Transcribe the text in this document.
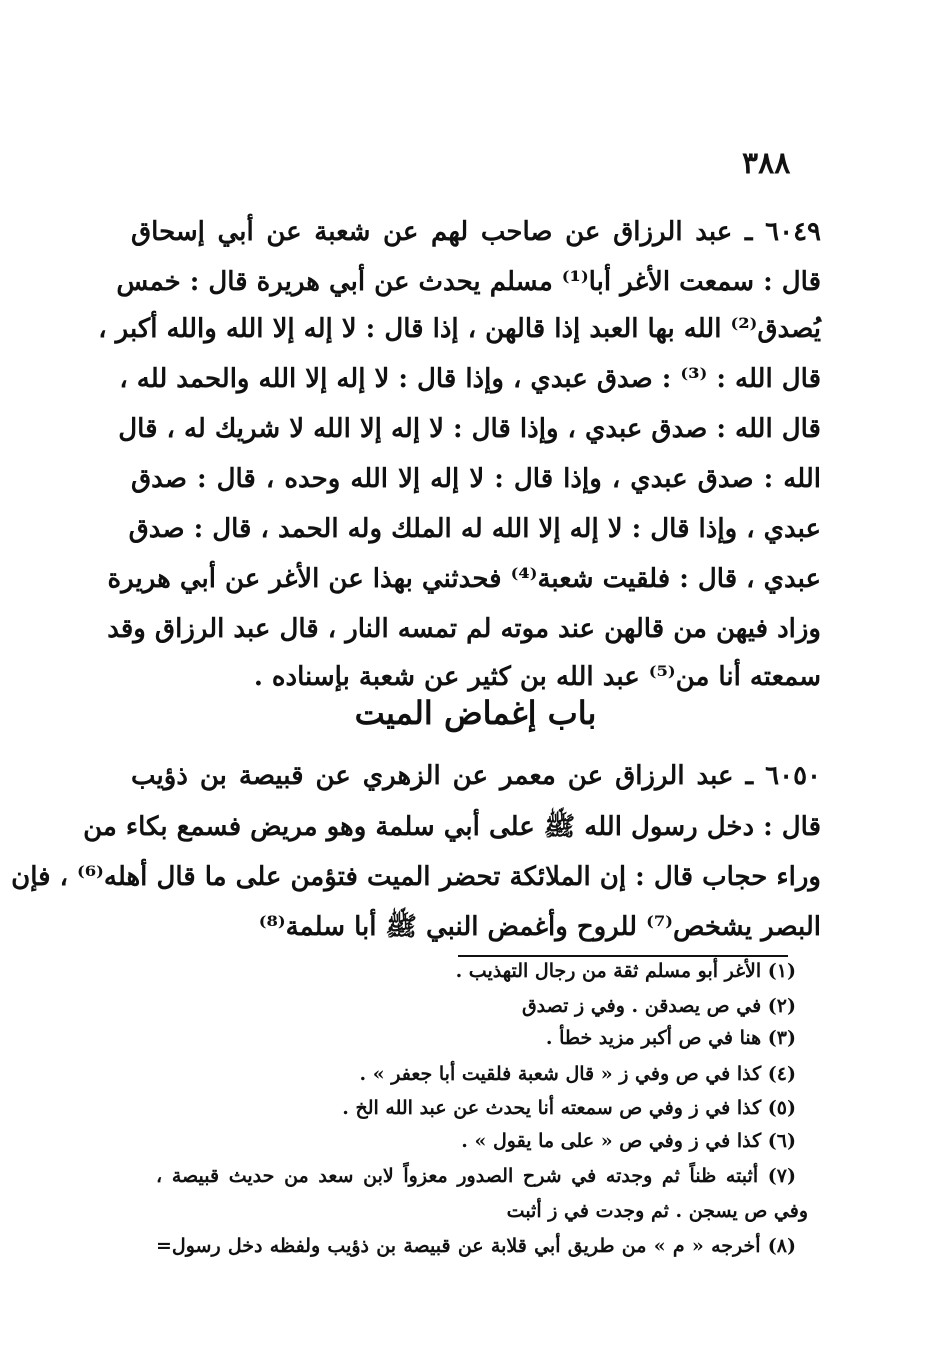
٣٨٨
٦٠٤٩ ـ عبد الرزاق عن صاحب لهم عن شعبة عن أبي إسحاق
قال : سمعت الأغر أبا⁽¹⁾ مسلم يحدث عن أبي هريرة قال : خمس
يُصدق⁽²⁾ الله بها العبد إذا قالهن ، إذا قال : لا إله إلا الله والله أكبر ،
قال الله : ⁽³⁾ : صدق عبدي ، وإذا قال : لا إله إلا الله والحمد لله ،
قال الله : صدق عبدي ، وإذا قال : لا إله إلا الله لا شريك له ، قال
الله : صدق عبدي ، وإذا قال : لا إله إلا الله وحده ، قال : صدق
عبدي ، وإذا قال : لا إله إلا الله له الملك وله الحمد ، قال : صدق
عبدي ، قال : فلقيت شعبة⁽⁴⁾ فحدثني بهذا عن الأغر عن أبي هريرة
وزاد فيهن من قالهن عند موته لم تمسه النار ، قال عبد الرزاق وقد
سمعته أنا من⁽⁵⁾ عبد الله بن كثير عن شعبة بإسناده .
باب إغماض الميت
٦٠٥٠ ـ عبد الرزاق عن معمر عن الزهري عن قبيصة بن ذؤيب
قال : دخل رسول الله ﷺ على أبي سلمة وهو مريض فسمع بكاء من
وراء حجاب قال : إن الملائكة تحضر الميت فتؤمن على ما قال أهله⁽⁶⁾ ، فإن
البصر يشخص⁽⁷⁾ للروح وأغمض النبي ﷺ أبا سلمة⁽⁸⁾
(١) الأغر أبو مسلم ثقة من رجال التهذيب .
(٢) في ص يصدقن . وفي ز تصدق
(٣) هنا في ص أكبر مزيد خطأ .
(٤) كذا في ص وفي ز « قال شعبة فلقيت أبا جعفر » .
(٥) كذا في ز وفي ص سمعته أنا يحدث عن عبد الله الخ .
(٦) كذا في ز وفي ص « على ما يقول » .
(٧) أثبته ظناً ثم وجدته في شرح الصدور معزواً لابن سعد من حديث قبيصة ،
وفي ص يسجن . ثم وجدت في ز أثبت
(٨) أخرجه « م » من طريق أبي قلابة عن قبيصة بن ذؤيب ولفظه دخل رسول=
